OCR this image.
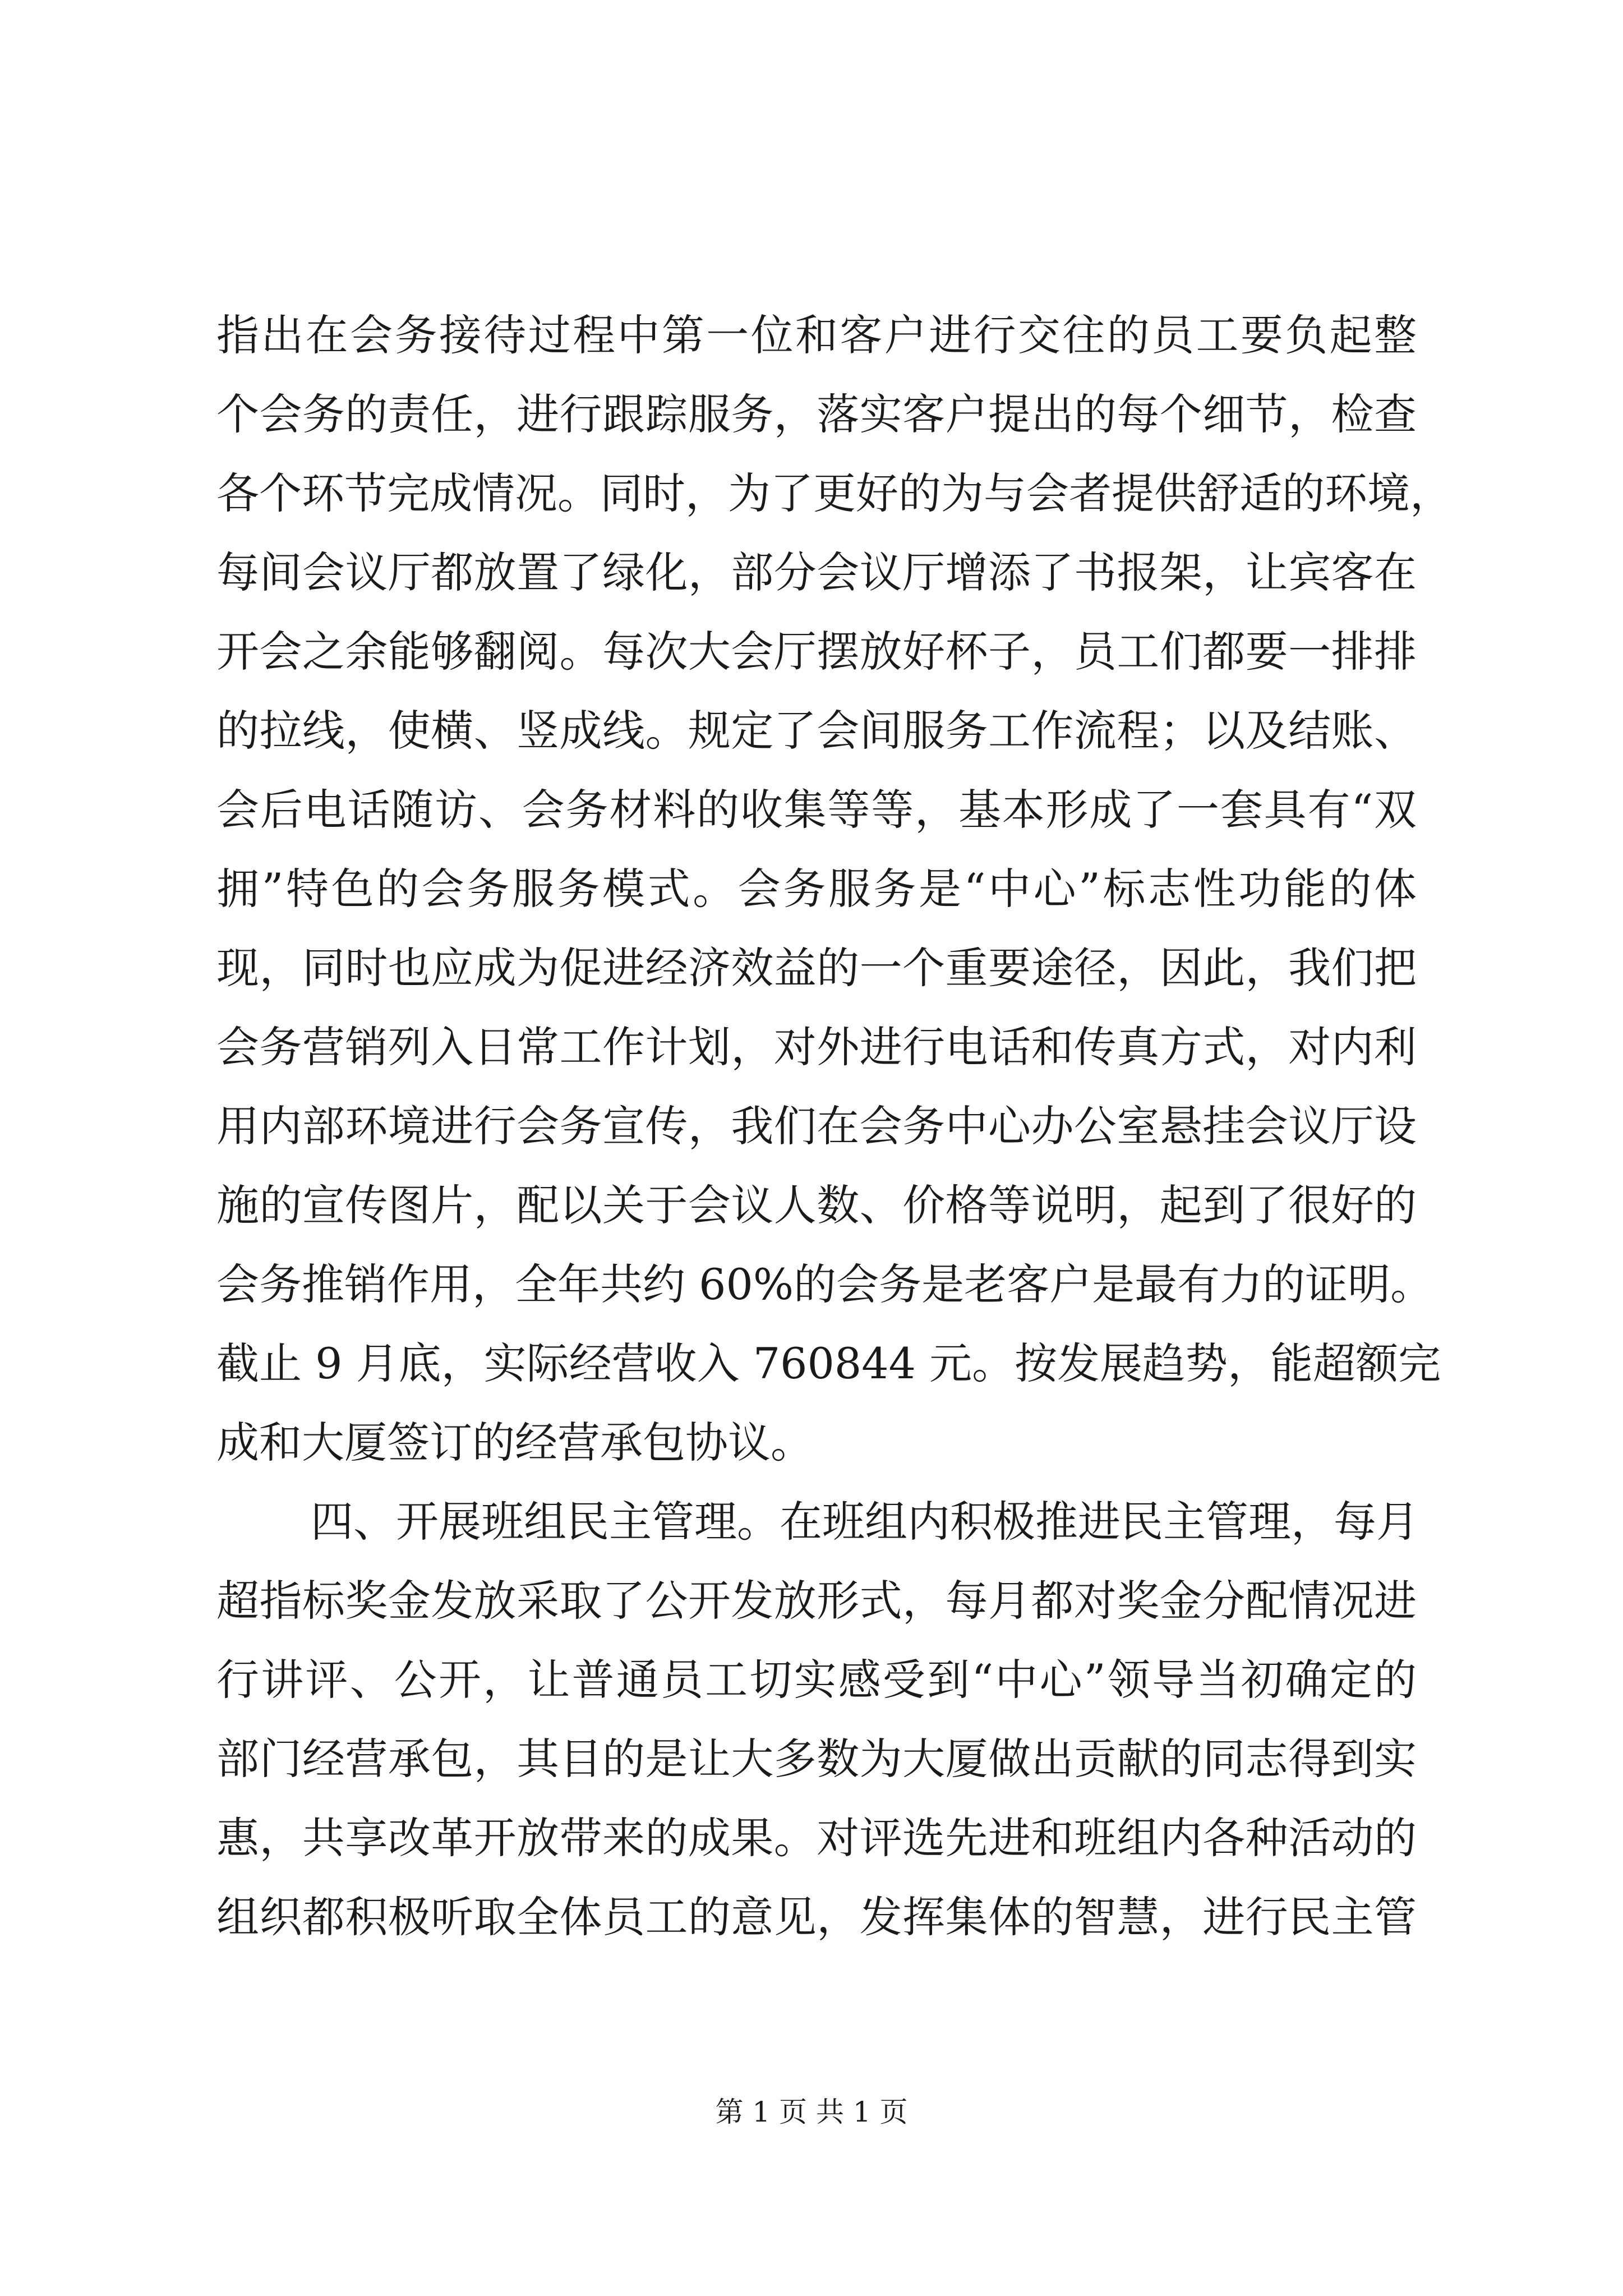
指出在会务接待过程中第一位和客户进行交往的员工要负起整
个会务的责任，进行跟踪服务，落实客户提出的每个细节，检查
各个环节完成情况。同时，为了更好的为与会者提供舒适的环境，
每间会议厅都放置了绿化，部分会议厅增添了书报架，让宾客在
开会之余能够翻阅。每次大会厅摆放好杯子，员工们都要一排排
的拉线，使横、竖成线。规定了会间服务工作流程；以及结账、
会后电话随访、会务材料的收集等等，基本形成了一套具有“双
拥”特色的会务服务模式。会务服务是“中心”标志性功能的体
现，同时也应成为促进经济效益的一个重要途径，因此，我们把
会务营销列入日常工作计划，对外进行电话和传真方式，对内利
用内部环境进行会务宣传，我们在会务中心办公室悬挂会议厅设
施的宣传图片，配以关于会议人数、价格等说明，起到了很好的
会务推销作用，全年共约 60%的会务是老客户是最有力的证明。
截止 9 月底，实际经营收入 760844 元。按发展趋势，能超额完
成和大厦签订的经营承包协议。
四、开展班组民主管理。在班组内积极推进民主管理，每月
超指标奖金发放采取了公开发放形式，每月都对奖金分配情况进
行讲评、公开，让普通员工切实感受到“中心”领导当初确定的
部门经营承包，其目的是让大多数为大厦做出贡献的同志得到实
惠，共享改革开放带来的成果。对评选先进和班组内各种活动的
组织都积极听取全体员工的意见，发挥集体的智慧，进行民主管
第 1 页 共 1 页
